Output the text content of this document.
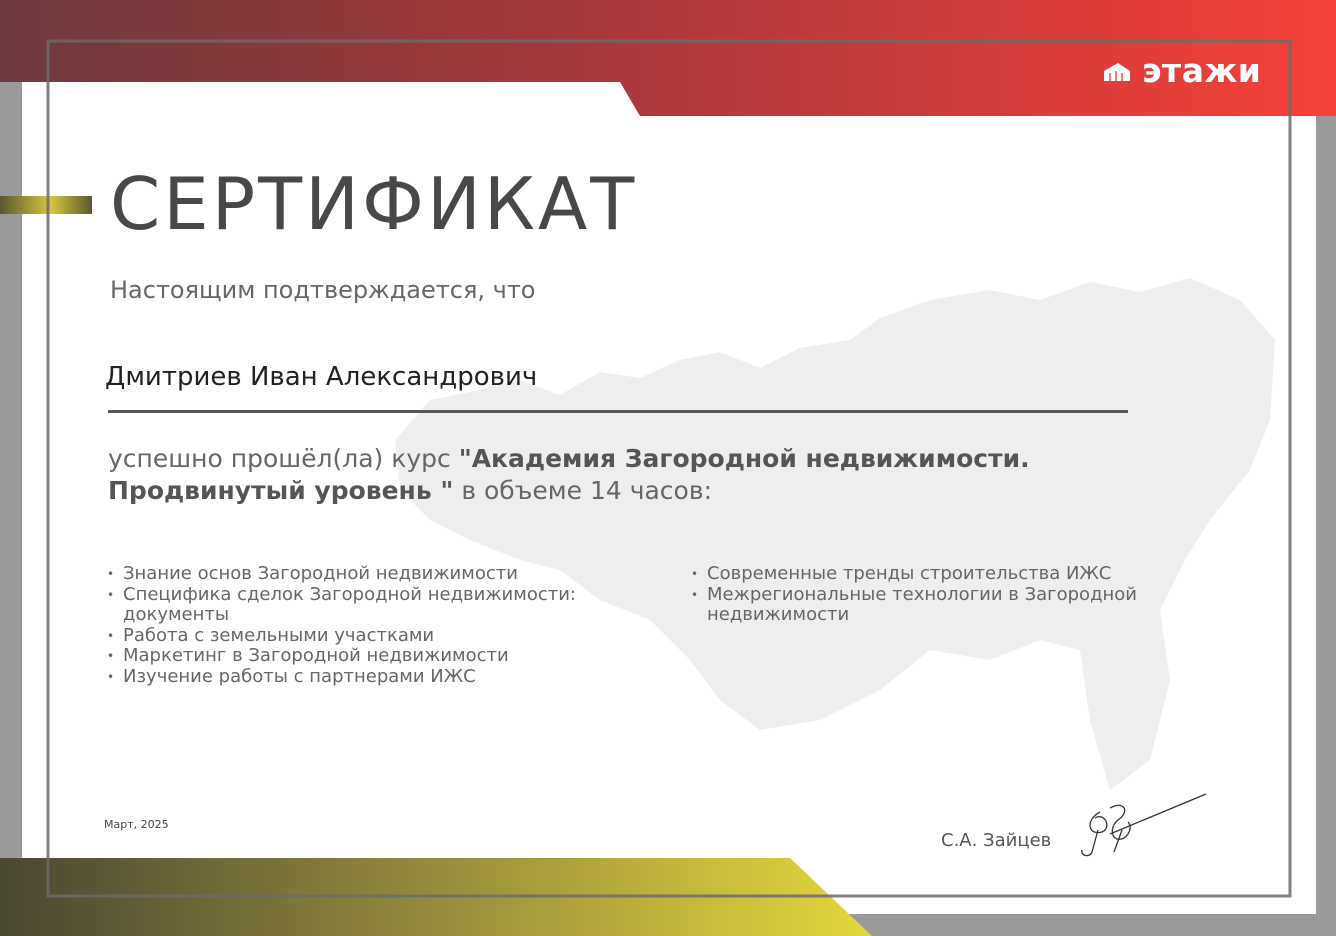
этажи
СЕРТИФИКАТ
Настоящим подтверждается, что
Дмитриев Иван Александрович
успешно прошёл(ла) курс "Академия Загородной недвижимости. Продвинутый уровень " в объеме 14 часов:
• Знание основ Загородной недвижимости
• Специфика сделок Загородной недвижимости: документы
• Работа с земельными участками
• Маркетинг в Загородной недвижимости
• Изучение работы с партнерами ИЖС
• Современные тренды строительства ИЖС
• Межрегиональные технологии в Загородной недвижимости
Март, 2025
С.А. Зайцев
